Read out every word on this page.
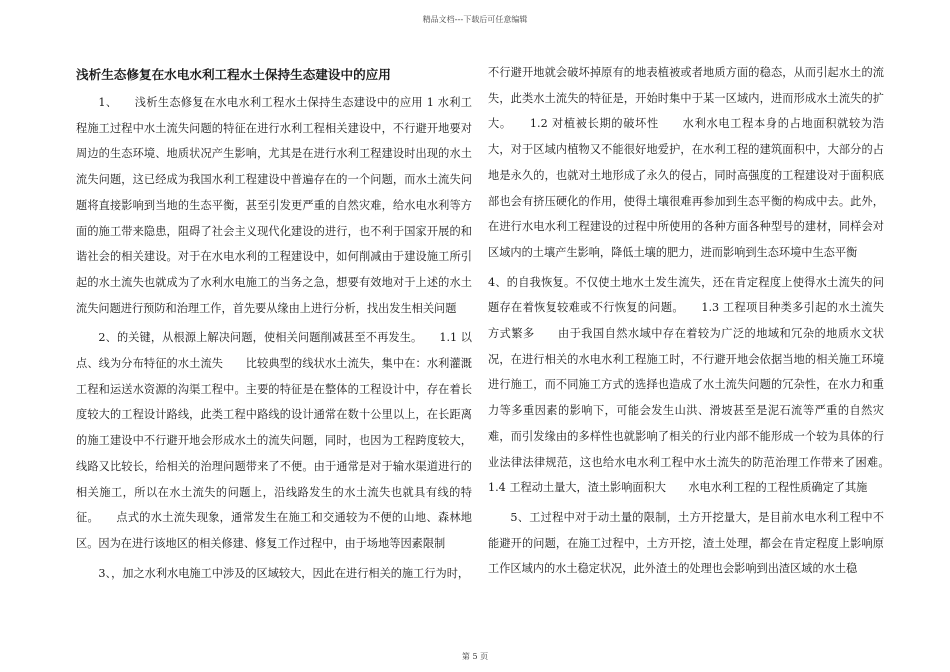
精品文档---下载后可任意编辑
浅析生态修复在水电水利工程水土保持生态建设中的应用

1、　　浅析生态修复在水电水利工程水土保持生态建设中的应用 1 水利工程施工过程中水土流失问题的特征在进行水利工程相关建设中，不行避开地要对周边的生态环境、地质状况产生影响，尤其是在进行水利工程建设时出现的水土流失问题，这已经成为我国水利工程建设中普遍存在的一个问题，而水土流失问题将直接影响到当地的生态平衡，甚至引发更严重的自然灾难，给水电水利等方面的施工带来隐患，阻碍了社会主义现代化建设的进行，也不利于国家开展的和谐社会的相关建设。对于在水电水利的工程建设中，如何削减由于建设施工所引起的水土流失也就成为了水利水电施工的当务之急，想要有效地对于上述的水土流失问题进行预防和治理工作，首先要从缘由上进行分析，找出发生相关问题

2、的关键，从根源上解决问题，使相关问题削减甚至不再发生。　　1.1 以点、线为分布特征的水土流失　　比较典型的线状水土流失，集中在：水利灌溉工程和运送水资源的沟渠工程中。主要的特征是在整体的工程设计中，存在着长度较大的工程设计路线，此类工程中路线的设计通常在数十公里以上，在长距离的施工建设中不行避开地会形成水土的流失问题，同时，也因为工程跨度较大，线路又比较长，给相关的治理问题带来了不便。由于通常是对于输水渠道进行的相关施工，所以在水土流失的问题上，沿线路发生的水土流失也就具有线的特征。　　点式的水土流失现象，通常发生在施工和交通较为不便的山地、森林地区。因为在进行该地区的相关修建、修复工作过程中，由于场地等因素限制

3、，加之水利水电施工中涉及的区域较大，因此在进行相关的施工行为时，

不行避开地就会破坏掉原有的地表植被或者地质方面的稳态，从而引起水土的流失，此类水土流失的特征是，开始时集中于某一区域内，进而形成水土流失的扩大。　　1.2 对植被长期的破坏性　　水利水电工程本身的占地面积就较为浩大，对于区域内植物又不能很好地爱护，在水利工程的建筑面积中，大部分的占地是永久的，也就对土地形成了永久的侵占，同时高强度的工程建设对于面积底部也会有挤压硬化的作用，使得土壤很难再参加到生态平衡的构成中去。此外，在进行水电水利工程建设的过程中所使用的各种方面各种型号的建材，同样会对区域内的土壤产生影响，降低土壤的肥力，进而影响到生态环境中生态平衡

4、的自我恢复。不仅使土地水土发生流失，还在肯定程度上使得水土流失的问题存在着恢复较难或不行恢复的问题。　　1.3 工程项目种类多引起的水土流失方式繁多　　由于我国自然水域中存在着较为广泛的地域和冗杂的地质水文状况，在进行相关的水电水利工程施工时，不行避开地会依据当地的相关施工环境进行施工，而不同施工方式的选择也造成了水土流失问题的冗杂性，在水力和重力等多重因素的影响下，可能会发生山洪、滑坡甚至是泥石流等严重的自然灾难，而引发缘由的多样性也就影响了相关的行业内部不能形成一个较为具体的行业法律法律规范，这也给水电水利工程中水土流失的防范治理工作带来了困难。　　1.4 工程动土量大，渣土影响面积大　　水电水利工程的工程性质确定了其施

5、工过程中对于动土量的限制，土方开挖量大，是目前水电水利工程中不能避开的问题，在施工过程中，土方开挖，渣土处理，都会在肯定程度上影响原工作区域内的水土稳定状况，此外渣土的处理也会影响到出渣区域的水土稳

第 5 页
